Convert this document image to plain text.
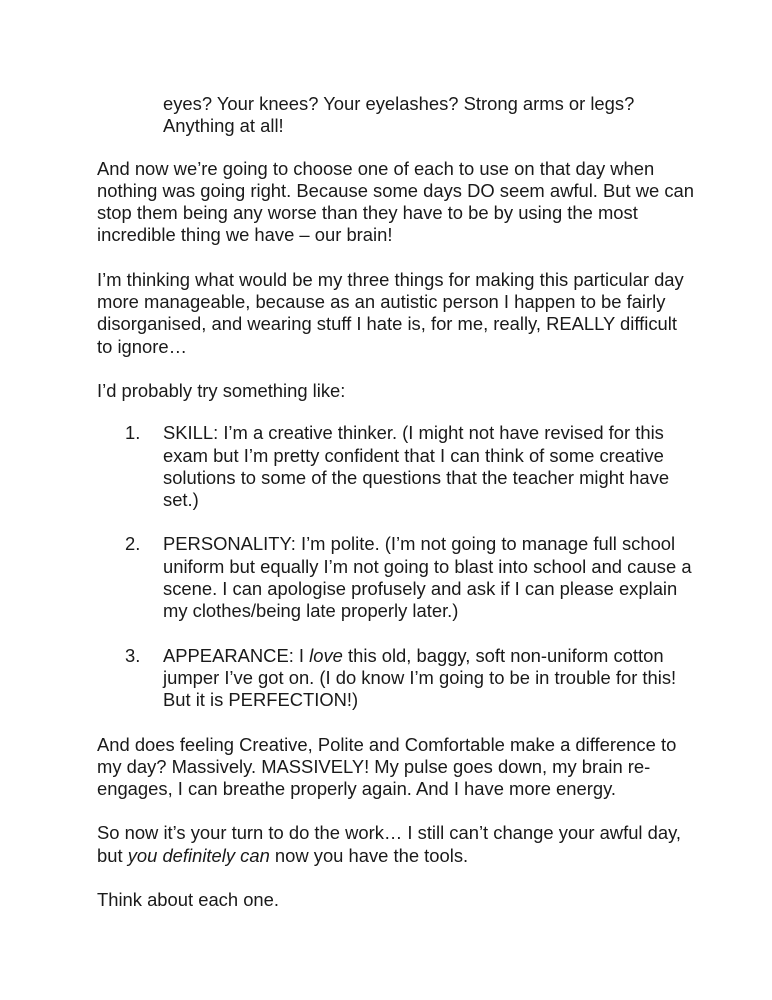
eyes? Your knees? Your eyelashes? Strong arms or legs?
Anything at all!

And now we’re going to choose one of each to use on that day when nothing was going right. Because some days DO seem awful. But we can stop them being any worse than they have to be by using the most incredible thing we have – our brain!

I’m thinking what would be my three things for making this particular day more manageable, because as an autistic person I happen to be fairly disorganised, and wearing stuff I hate is, for me, really, REALLY difficult to ignore…

I’d probably try something like:

1. SKILL: I’m a creative thinker. (I might not have revised for this exam but I’m pretty confident that I can think of some creative solutions to some of the questions that the teacher might have set.)
2. PERSONALITY: I’m polite. (I’m not going to manage full school uniform but equally I’m not going to blast into school and cause a scene. I can apologise profusely and ask if I can please explain my clothes/being late properly later.)
3. APPEARANCE: I love this old, baggy, soft non-uniform cotton jumper I’ve got on. (I do know I’m going to be in trouble for this! But it is PERFECTION!)

And does feeling Creative, Polite and Comfortable make a difference to my day? Massively. MASSIVELY! My pulse goes down, my brain re-engages, I can breathe properly again. And I have more energy.

So now it’s your turn to do the work… I still can’t change your awful day, but you definitely can now you have the tools.

Think about each one.
